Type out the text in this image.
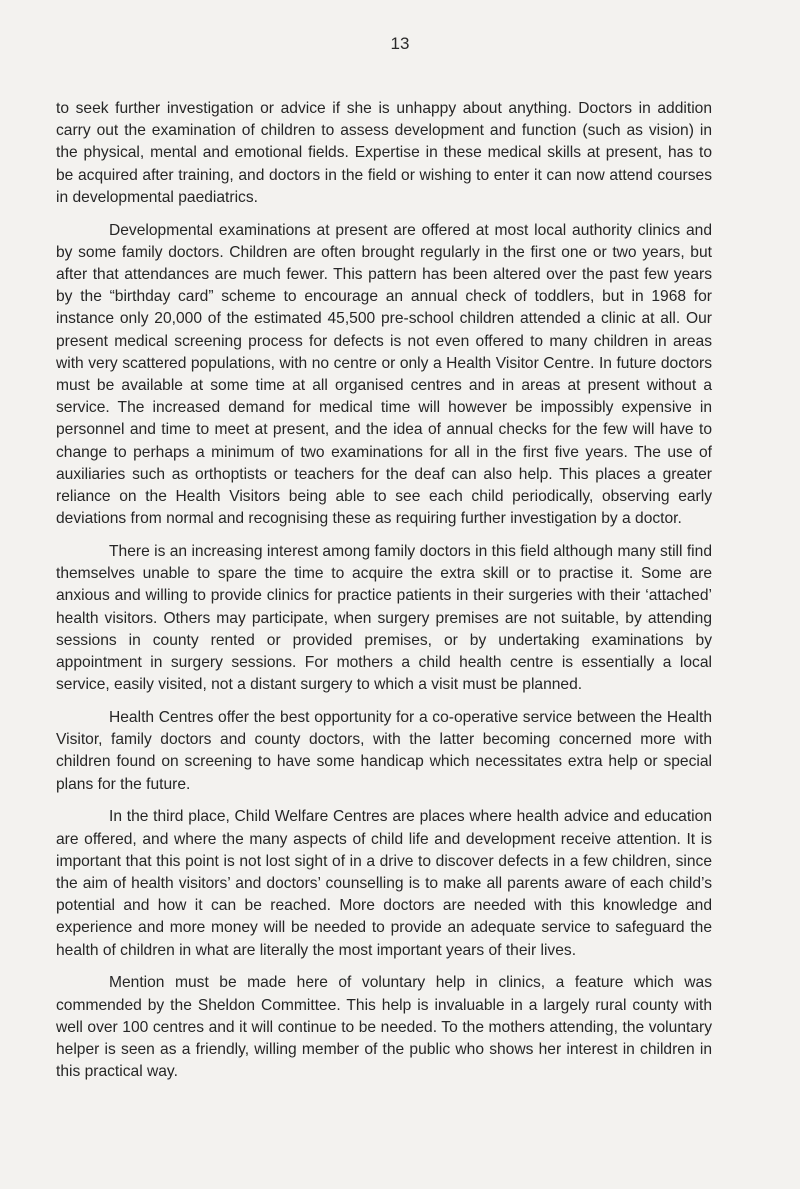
13

to seek further investigation or advice if she is unhappy about anything. Doctors in addition carry out the examination of children to assess development and function (such as vision) in the physical, mental and emotional fields. Expertise in these medical skills at present, has to be acquired after training, and doctors in the field or wishing to enter it can now attend courses in developmental paediatrics.

Developmental examinations at present are offered at most local authority clinics and by some family doctors. Children are often brought regularly in the first one or two years, but after that attendances are much fewer. This pattern has been altered over the past few years by the “birthday card” scheme to encourage an annual check of toddlers, but in 1968 for instance only 20,000 of the estimated 45,500 pre-school children attended a clinic at all. Our present medical screening process for defects is not even offered to many children in areas with very scattered populations, with no centre or only a Health Visitor Centre. In future doctors must be available at some time at all organised centres and in areas at present without a service. The increased demand for medical time will however be impossibly expensive in personnel and time to meet at present, and the idea of annual checks for the few will have to change to perhaps a minimum of two examinations for all in the first five years. The use of auxiliaries such as orthoptists or teachers for the deaf can also help. This places a greater reliance on the Health Visitors being able to see each child periodically, observing early deviations from normal and recognising these as requiring further investigation by a doctor.

There is an increasing interest among family doctors in this field although many still find themselves unable to spare the time to acquire the extra skill or to practise it. Some are anxious and willing to provide clinics for practice patients in their surgeries with their ‘attached’ health visitors. Others may participate, when surgery premises are not suitable, by attending sessions in county rented or provided premises, or by undertaking examinations by appointment in surgery sessions. For mothers a child health centre is essentially a local service, easily visited, not a distant surgery to which a visit must be planned.

Health Centres offer the best opportunity for a co-operative service between the Health Visitor, family doctors and county doctors, with the latter becoming concerned more with children found on screening to have some handicap which necessitates extra help or special plans for the future.

In the third place, Child Welfare Centres are places where health advice and education are offered, and where the many aspects of child life and development receive attention. It is important that this point is not lost sight of in a drive to discover defects in a few children, since the aim of health visitors’ and doctors’ counselling is to make all parents aware of each child’s potential and how it can be reached. More doctors are needed with this knowledge and experience and more money will be needed to provide an adequate service to safeguard the health of children in what are literally the most important years of their lives.

Mention must be made here of voluntary help in clinics, a feature which was commended by the Sheldon Committee. This help is invaluable in a largely rural county with well over 100 centres and it will continue to be needed. To the mothers attending, the voluntary helper is seen as a friendly, willing member of the public who shows her interest in children in this practical way.
